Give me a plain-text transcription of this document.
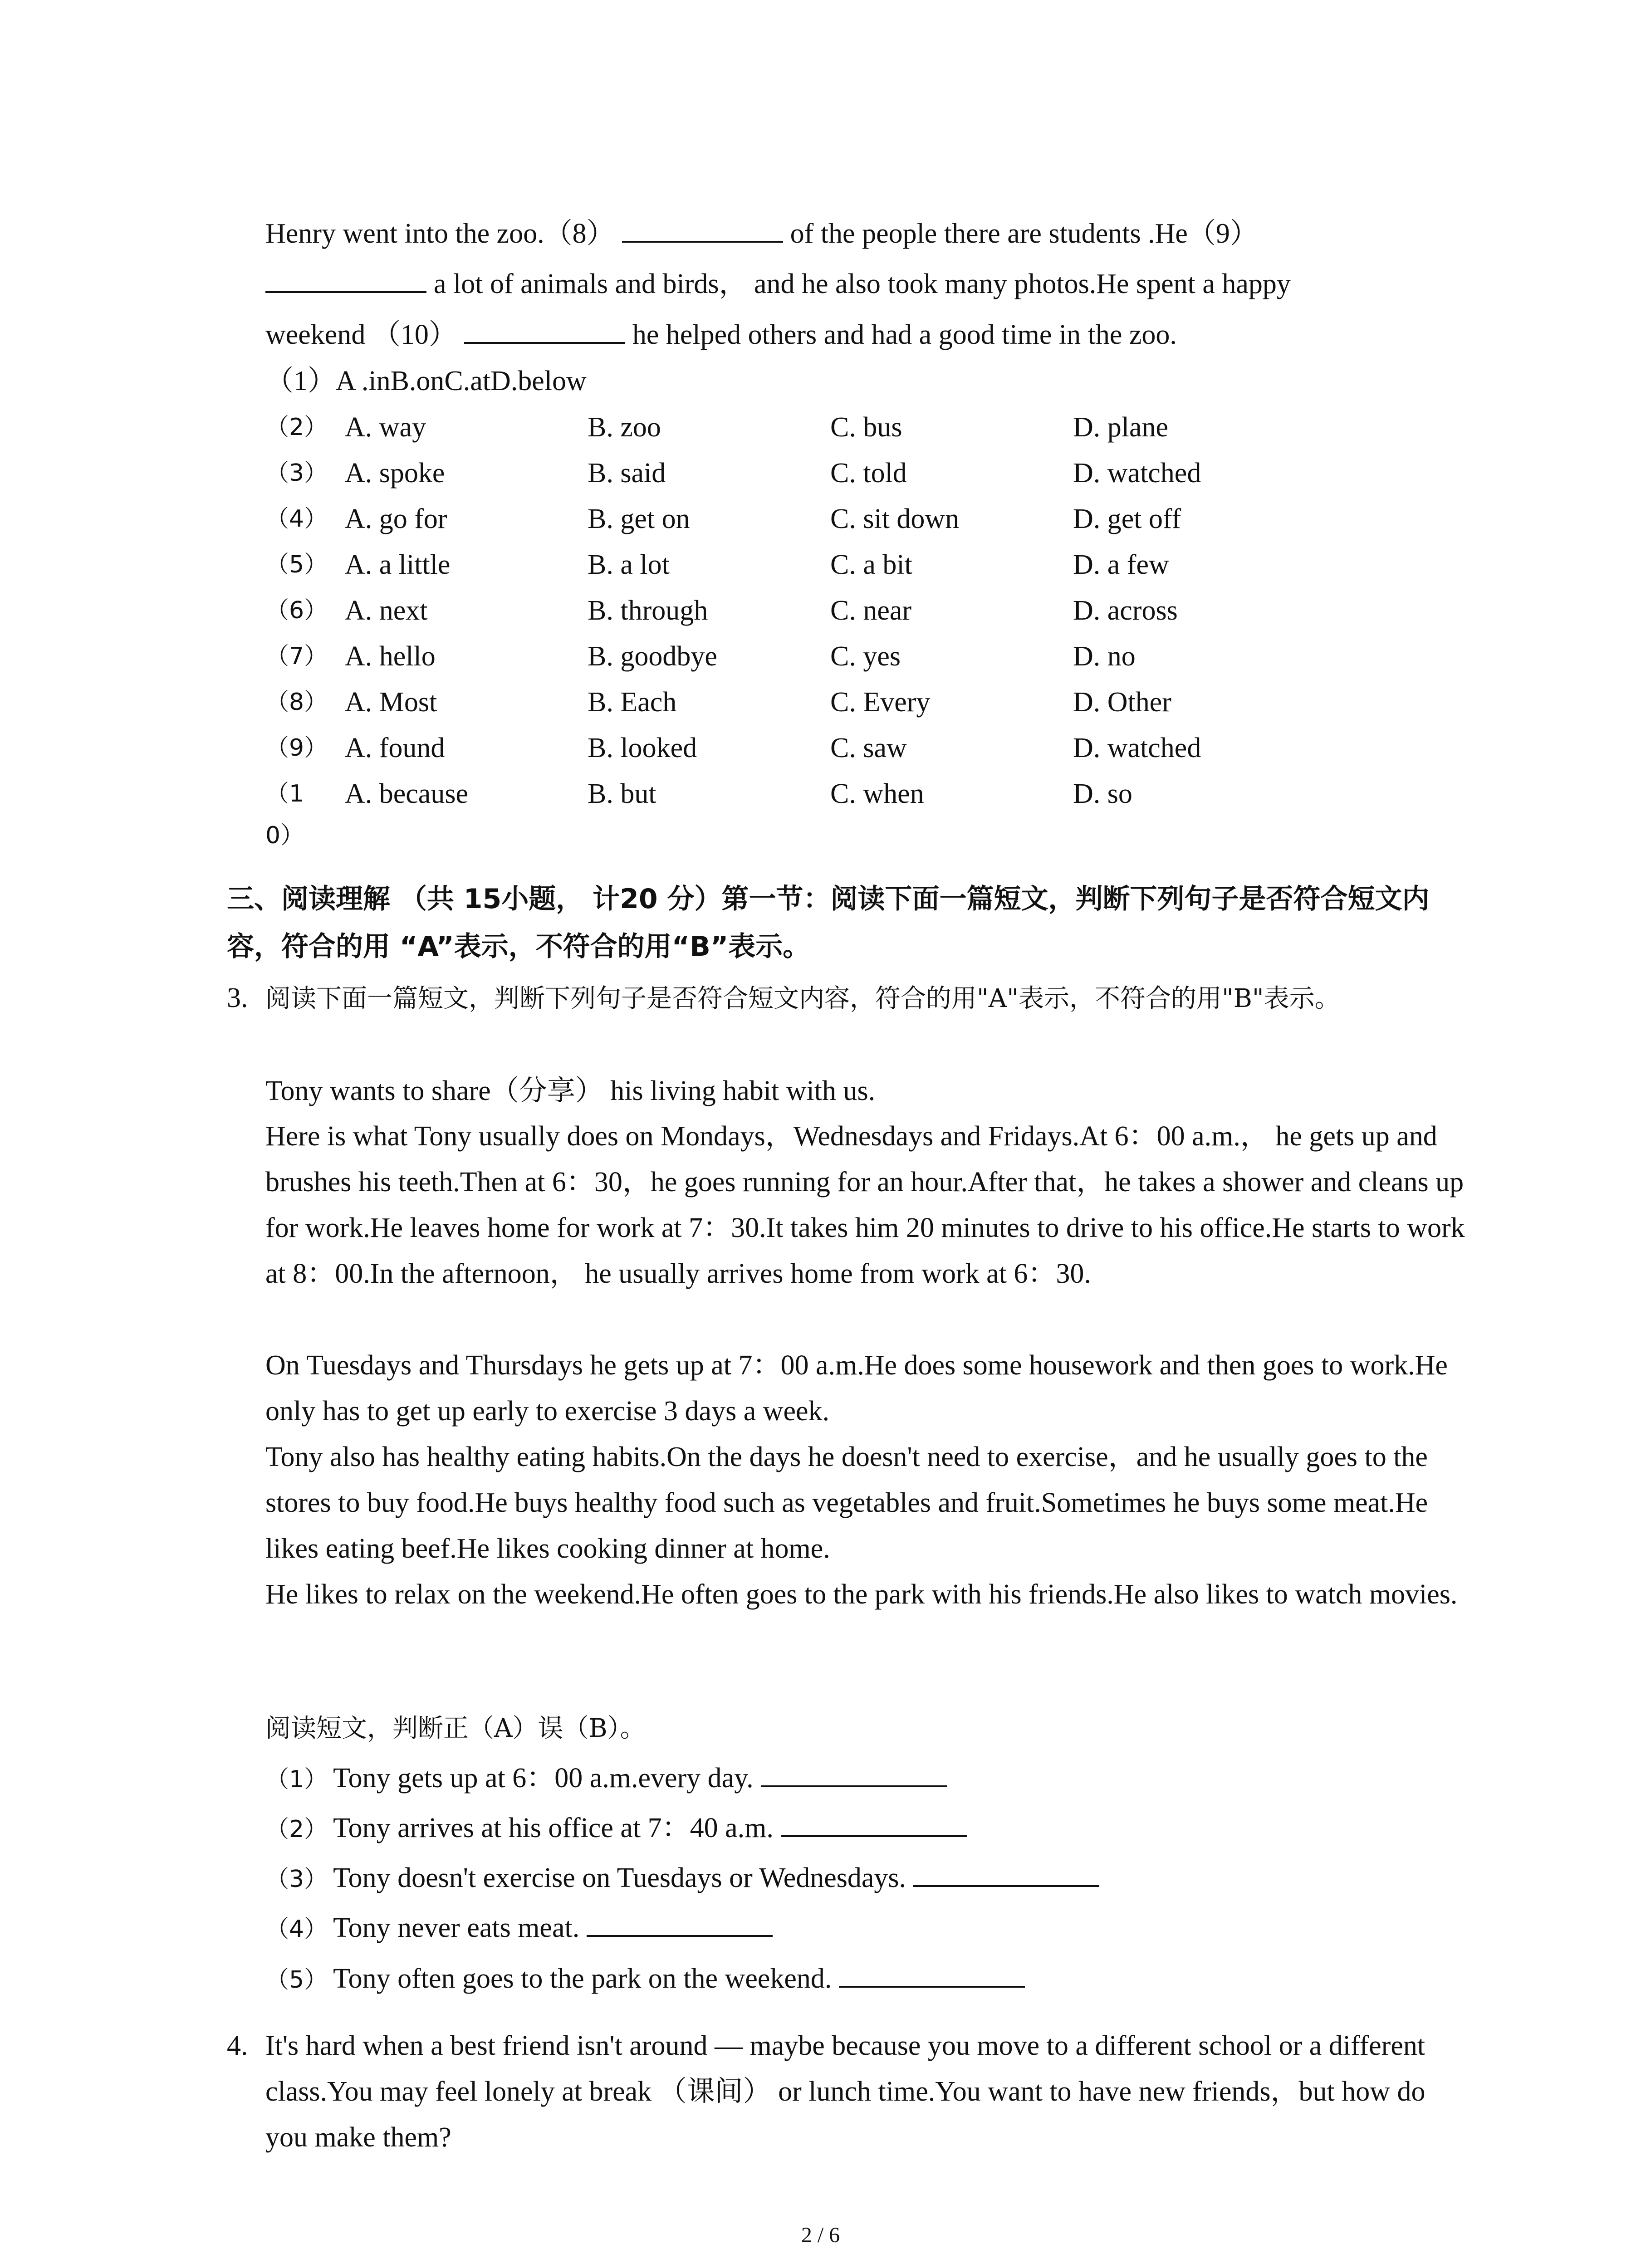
Henry went into the zoo.（8）	of the people there are students .He（9）
a lot of animals and birds， and he also took many photos.He spent a happy
weekend （10）	he helped others and had a good time in the zoo.
（1）A .inB.onC.atD.below
（2） A. way	B. zoo	C. bus	D. plane
（3） A. spoke	B. said	C. told	D. watched
（4） A. go for	B. get on	C. sit down	D. get off
（5） A. a little	B. a lot	C. a bit	D. a few
（6） A. next	B. through	C. near	D. across
（7） A. hello	B. goodbye	C. yes	D. no
（8） A. Most	B. Each	C. Every	D. Other
（9） A. found	B. looked	C. saw	D. watched
（1 A. because	B. but	C. when	D. so
0）
三、阅读理解 （共 15小题， 计20 分）第一节：阅读下面一篇短文，判断下列句子是否符合短文内容，符合的用 “A”表示，不符合的用“B”表示。
3. 阅读下面一篇短文，判断下列句子是否符合短文内容，符合的用"A"表示，不符合的用"B"表示。
Tony wants to share（分享） his living habit with us.
Here is what Tony usually does on Mondays，Wednesdays and Fridays.At 6：00 a.m.， he gets up and brushes his teeth.Then at 6：30，he goes running for an hour.After that，he takes a shower and cleans up for work.He leaves home for work at 7：30.It takes him 20 minutes to drive to his office.He starts to work at 8：00.In the afternoon， he usually arrives home from work at 6：30.
On Tuesdays and Thursdays he gets up at 7：00 a.m.He does some housework and then goes to work.He only has to get up early to exercise 3 days a week.
Tony also has healthy eating habits.On the days he doesn't need to exercise，and he usually goes to the stores to buy food.He buys healthy food such as vegetables and fruit.Sometimes he buys some meat.He likes eating beef.He likes cooking dinner at home.
He likes to relax on the weekend.He often goes to the park with his friends.He also likes to watch movies.
阅读短文，判断正（A）误（B）。
（1） Tony gets up at 6：00 a.m.every day.
（2） Tony arrives at his office at 7：40 a.m.
（3） Tony doesn't exercise on Tuesdays or Wednesdays.
（4） Tony never eats meat.
（5） Tony often goes to the park on the weekend.
4. It's hard when a best friend isn't around — maybe because you move to a different school or a different class.You may feel lonely at break （课间） or lunch time.You want to have new friends，but how do you make them?
2 / 6
